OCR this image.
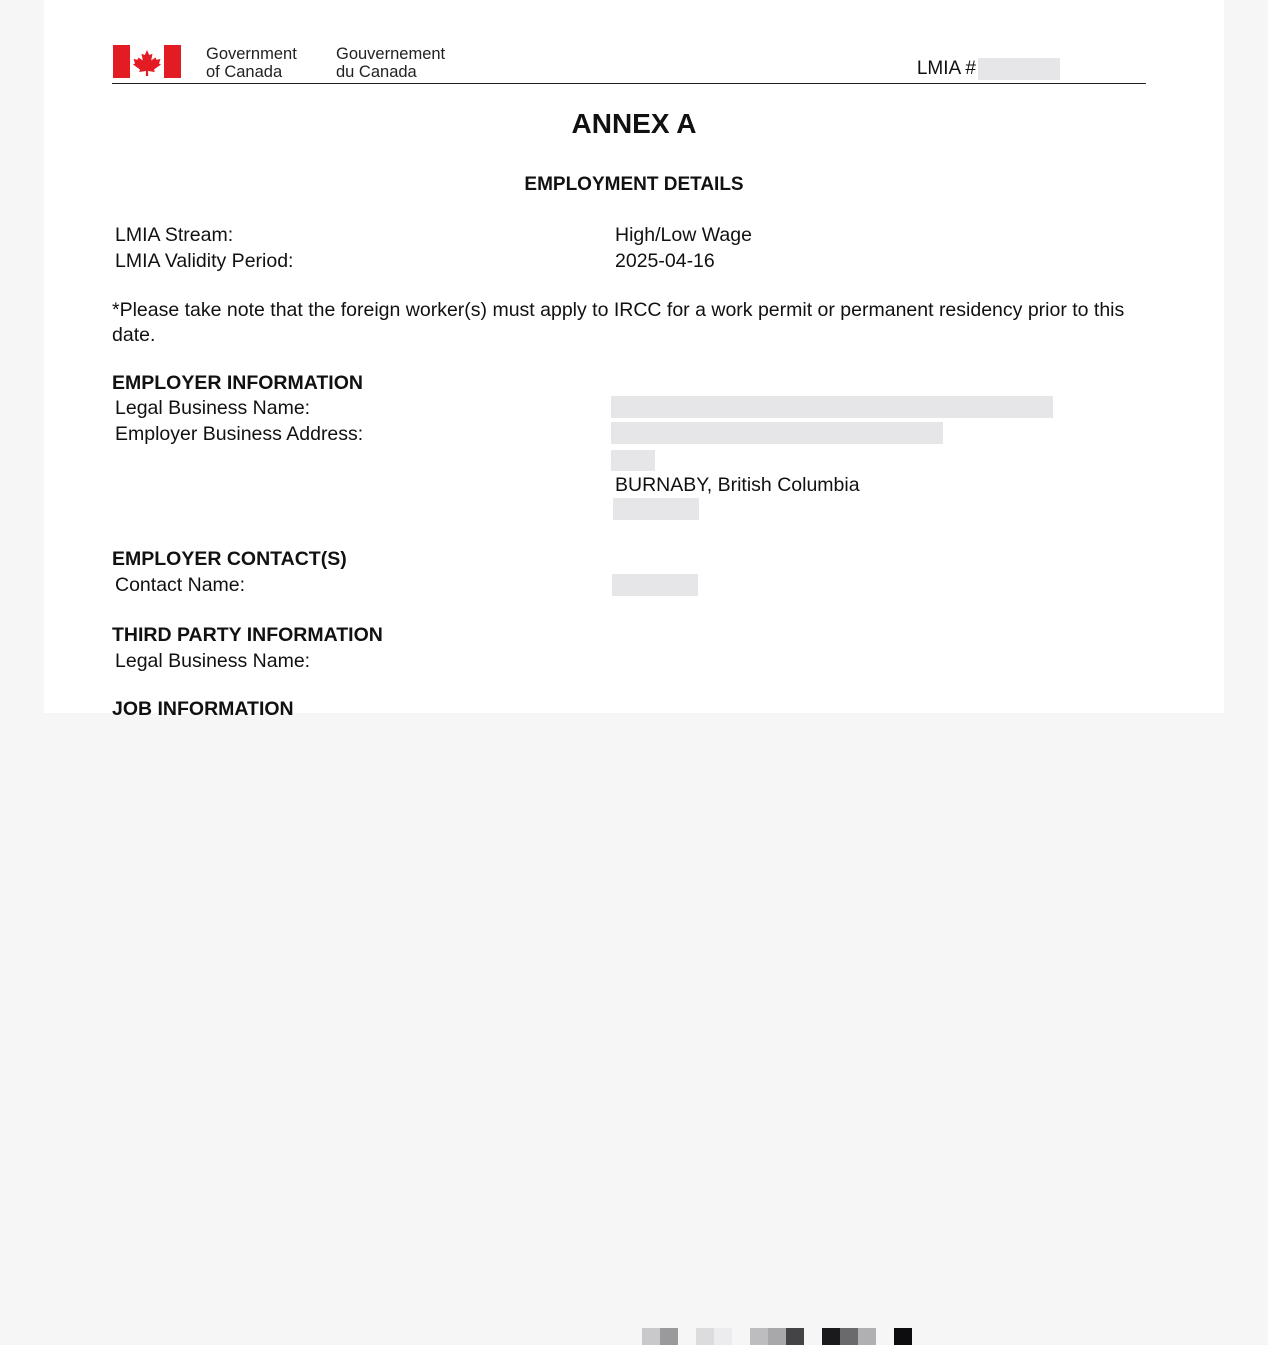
Government
of Canada
Gouvernement
du Canada	LMIA #
ANNEX A
EMPLOYMENT DETAILS
LMIA Stream:	High/Low Wage
LMIA Validity Period:	2025-04-16
*Please take note that the foreign worker(s) must apply to IRCC for a work permit or permanent residency prior to this date.
EMPLOYER INFORMATION
Legal Business Name:
Employer Business Address:
BURNABY, British Columbia
EMPLOYER CONTACT(S)
Contact Name:
THIRD PARTY INFORMATION
Legal Business Name:
JOB INFORMATION
